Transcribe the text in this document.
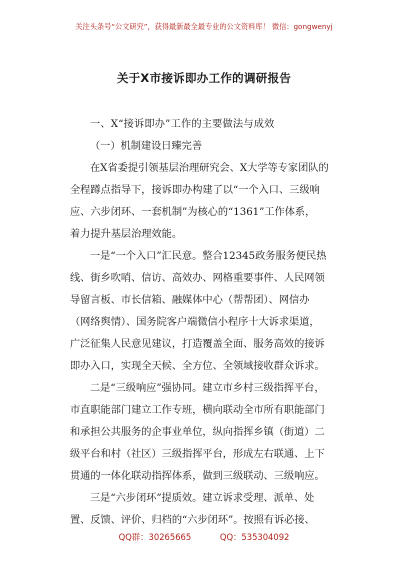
关注头条号“公文研究”，获得最新最全最专业的公文资料库！ 微信：gongwenyj
关于X市接诉即办工作的调研报告
一、X“接诉即办”工作的主要做法与成效
（一）机制建设日臻完善
在X省委提引领基层治理研究会、X大学等专家团队的
全程蹲点指导下，接诉即办构建了以“一个入口、三级响
应、六步闭环、一套机制”为核心的“1361”工作体系，
着力提升基层治理效能。
一是“一个入口”汇民意。整合12345政务服务便民热
线、街乡吹哨、信访、高效办、网格重要事件、人民网领
导留言板、市长信箱、融媒体中心（帮帮团）、网信办
（网络舆情）、国务院客户端微信小程序十大诉求渠道，
广泛征集人民意见建议，打造覆盖全面、服务高效的接诉
即办入口，实现全天候、全方位、全领域接收群众诉求。
二是“三级响应”强协同。建立市乡村三级指挥平台，
市直职能部门建立工作专班，横向联动全市所有职能部门
和承担公共服务的企事业单位，纵向指挥乡镇（街道）二
级平台和村（社区）三级指挥平台，形成左右联通、上下
贯通的一体化联动指挥体系，做到三级联动、三级响应。
三是“六步闭环”提质效。建立诉求受理、派单、处
置、反馈、评价、归档的“六步闭环”。按照有诉必接、
QQ群：30265665	QQ：535304092
